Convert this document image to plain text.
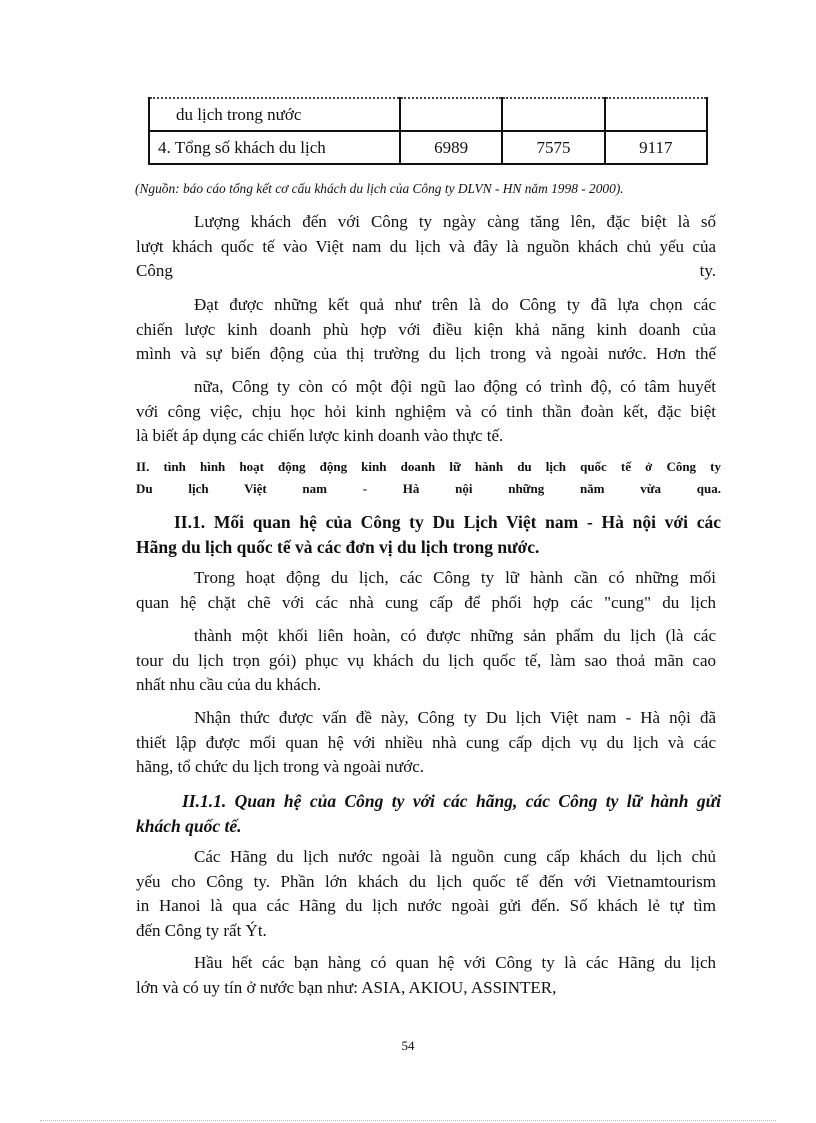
du lịch trong nước			
4. Tổng số khách du lịch	6989	7575	9117
(Nguồn: báo cáo tổng kết cơ cấu khách du lịch của Công ty DLVN - HN năm 1998 - 2000).
Lượng khách đến với Công ty ngày càng tăng lên, đặc biệt là số
lượt khách quốc tế vào Việt nam du lịch và đây là nguồn khách chủ yếu của
Công	ty.
Đạt được những kết quả như trên là do Công ty đã lựa chọn các
chiến lược kinh doanh phù hợp với điều kiện khả năng kinh doanh của
mình và sự biến động của thị trường du lịch trong và ngoài nước. Hơn thế
nữa, Công ty còn có một đội ngũ lao động có trình độ, có tâm huyết
với công việc, chịu học hỏi kinh nghiệm và có tinh thần đoàn kết, đặc biệt
là biết áp dụng các chiến lược kinh doanh vào thực tế.
II. tình hình hoạt động động kinh doanh lữ hành du lịch quốc tế ở Công ty
Du lịch Việt nam - Hà nội những năm vừa qua.
II.1. Mối quan hệ của Công ty Du Lịch Việt nam - Hà nội với các
Hãng du lịch quốc tế và các đơn vị du lịch trong nước.
Trong hoạt động du lịch, các Công ty lữ hành cần có những mối
quan hệ chặt chẽ với các nhà cung cấp để phối hợp các "cung" du lịch
thành một khối liên hoàn, có được những sản phẩm du lịch (là các
tour du lịch trọn gói) phục vụ khách du lịch quốc tế, làm sao thoả mãn cao
nhất nhu cầu của du khách.
Nhận thức được vấn đề này, Công ty Du lịch Việt nam - Hà nội đã
thiết lập được mối quan hệ với nhiều nhà cung cấp dịch vụ du lịch và các
hãng, tổ chức du lịch trong và ngoài nước.
II.1.1. Quan hệ của Công ty với các hãng, các Công ty lữ hành gửi
khách quốc tế.
Các Hãng du lịch nước ngoài là nguồn cung cấp khách du lịch chủ
yếu cho Công ty. Phần lớn khách du lịch quốc tế đến với Vietnamtourism
in Hanoi là qua các Hãng du lịch nước ngoài gửi đến. Số khách lẻ tự tìm
đến Công ty rất Ýt.
Hầu hết các bạn hàng có quan hệ với Công ty là các Hãng du lịch
lớn và có uy tín ở nước bạn như: ASIA, AKIOU, ASSINTER,
54
